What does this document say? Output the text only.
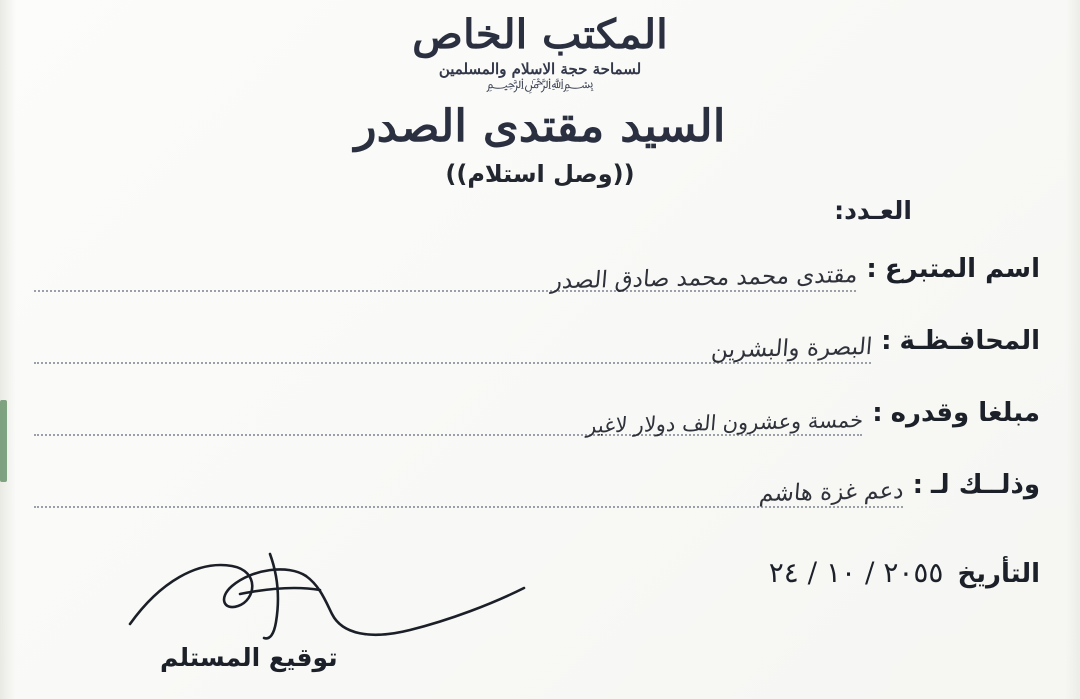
المكتب الخاص
لسماحة حجة الاسلام والمسلمين
﷽
السيد مقتدى الصدر
((وصل استلام))
العـدد:
اسم المتبرع
:
مقتدى محمد محمد صادق الصدر
المحافـظـة
:
البصرة والبشرين
مبلغا وقدره
:
خمسة وعشرون الف دولار لاغير
وذلــك لـ
:
دعم غزة هاشم
التأريخ
٢٠٥٥ / ١٠ / ٢٤
توقيع المستلم
